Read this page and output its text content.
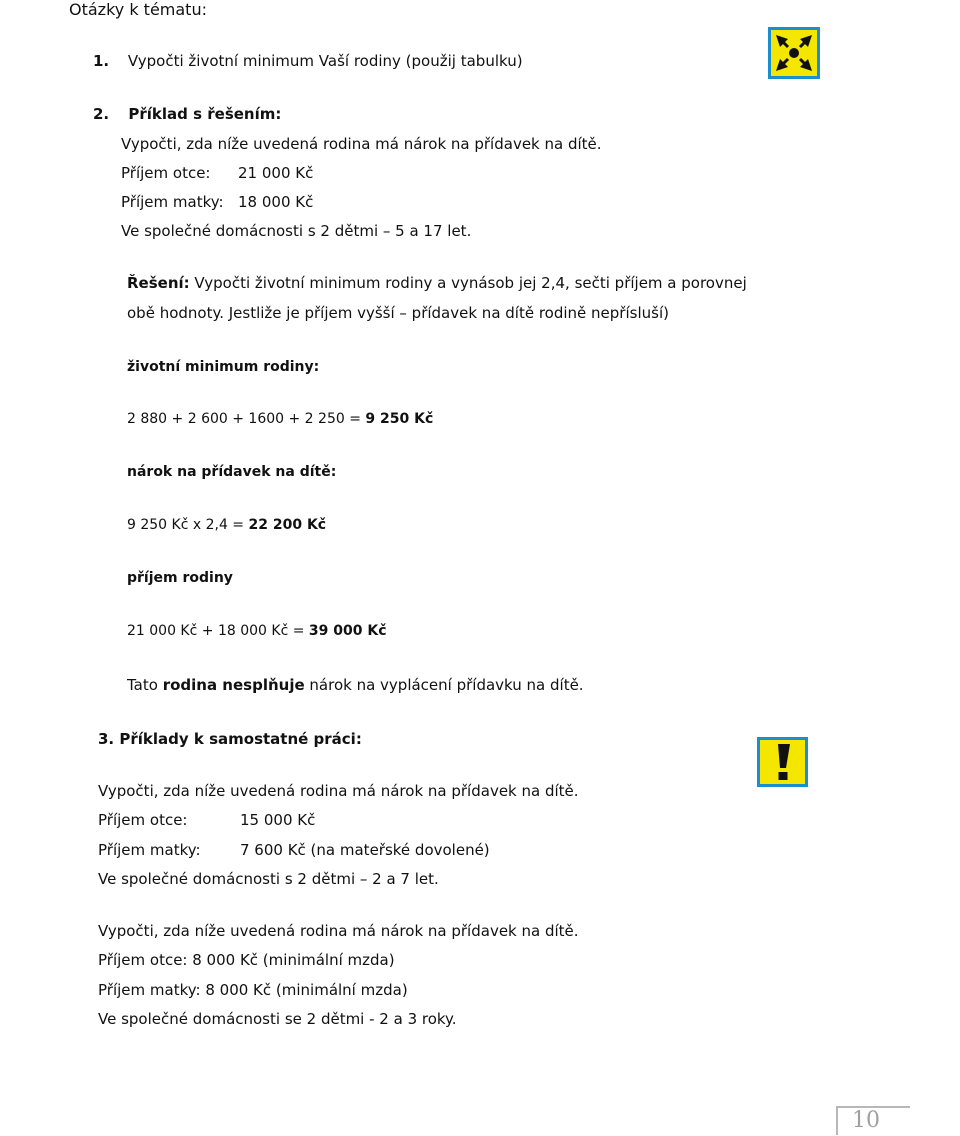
Otázky k tématu:
1. Vypočti životní minimum Vaší rodiny (použij tabulku)
2. Příklad s řešením:
Vypočti, zda níže uvedená rodina má nárok na přídavek na dítě.
Příjem otce: 21 000 Kč
Příjem matky: 18 000 Kč
Ve společné domácnosti s 2 dětmi – 5 a 17 let.
Řešení: Vypočti životní minimum rodiny a vynásob jej 2,4, sečti příjem a porovnej
obě hodnoty. Jestliže je příjem vyšší – přídavek na dítě rodině nepřísluší)
životní minimum rodiny:
2 880 + 2 600 + 1600 + 2 250 = 9 250 Kč
nárok na přídavek na dítě:
9 250 Kč x 2,4 = 22 200 Kč
příjem rodiny
21 000 Kč + 18 000 Kč = 39 000 Kč
Tato rodina nesplňuje nárok na vyplácení přídavku na dítě.
3. Příklady k samostatné práci:
Vypočti, zda níže uvedená rodina má nárok na přídavek na dítě.
Příjem otce:	15 000 Kč
Příjem matky:	7 600 Kč (na mateřské dovolené)
Ve společné domácnosti s 2 dětmi – 2 a 7 let.
Vypočti, zda níže uvedená rodina má nárok na přídavek na dítě.
Příjem otce: 8 000 Kč (minimální mzda)
Příjem matky: 8 000 Kč (minimální mzda)
Ve společné domácnosti se 2 dětmi - 2 a 3 roky.
10
